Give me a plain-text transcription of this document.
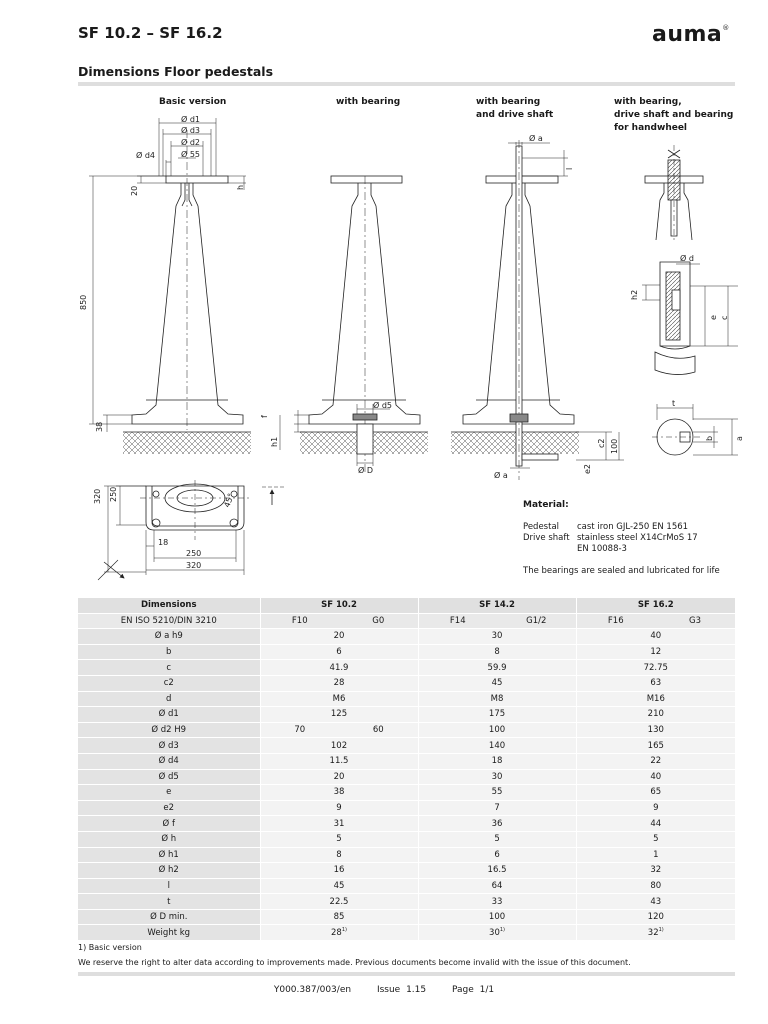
SF 10.2 – SF 16.2	auma®
Dimensions Floor pedestals
Basic version	with bearing	with bearing
and drive shaft
with bearing,
drive shaft and bearing
for handwheel
Ø d1
Ø d3
Ø d2
Ø 55
Ø d4
20	h
850
38
Ø d5
f
h1
Ø D
Ø a
l
Ø a
c2 100
e2
Ø d
h2
e c
t
b	a
320 250	45°
18
250
320
Material:
Pedestal cast iron GJL-250 EN 1561
Drive shaft stainless steel X14CrMoS 17
EN 10088-3
The bearings are sealed and lubricated for life
Dimensions	SF 10.2		SF 14.2		SF 16.2	
EN ISO 5210/DIN 3210	F10	G0	F14	G1/2	F16	G3
Ø a h9	20		30		40	
b	6		8		12	
c	41.9		59.9		72.75	
c2	28		45		63	
d	M6		M8		M16	
Ø d1	125		175		210	
Ø d2 H9	70	60	100		130	
Ø d3	102		140		165	
Ø d4	11.5		18		22	
Ø d5	20		30		40	
e	38		55		65	
e2	9		7		9	
Ø f	31		36		44	
Ø h	5		5		5	
Ø h1	8		6		1	
Ø h2	16		16.5		32	
l	45		64		80	
t	22.5		33		43	
Ø D min.	85		100		120	
Weight kg	28$^{1)}$		30$^{1)}$		32$^{1)}$
1) Basic version
We reserve the right to alter data according to improvements made. Previous documents become invalid with the issue of this document.
Y000.387/003/en	Issue 1.15	Page 1/1
